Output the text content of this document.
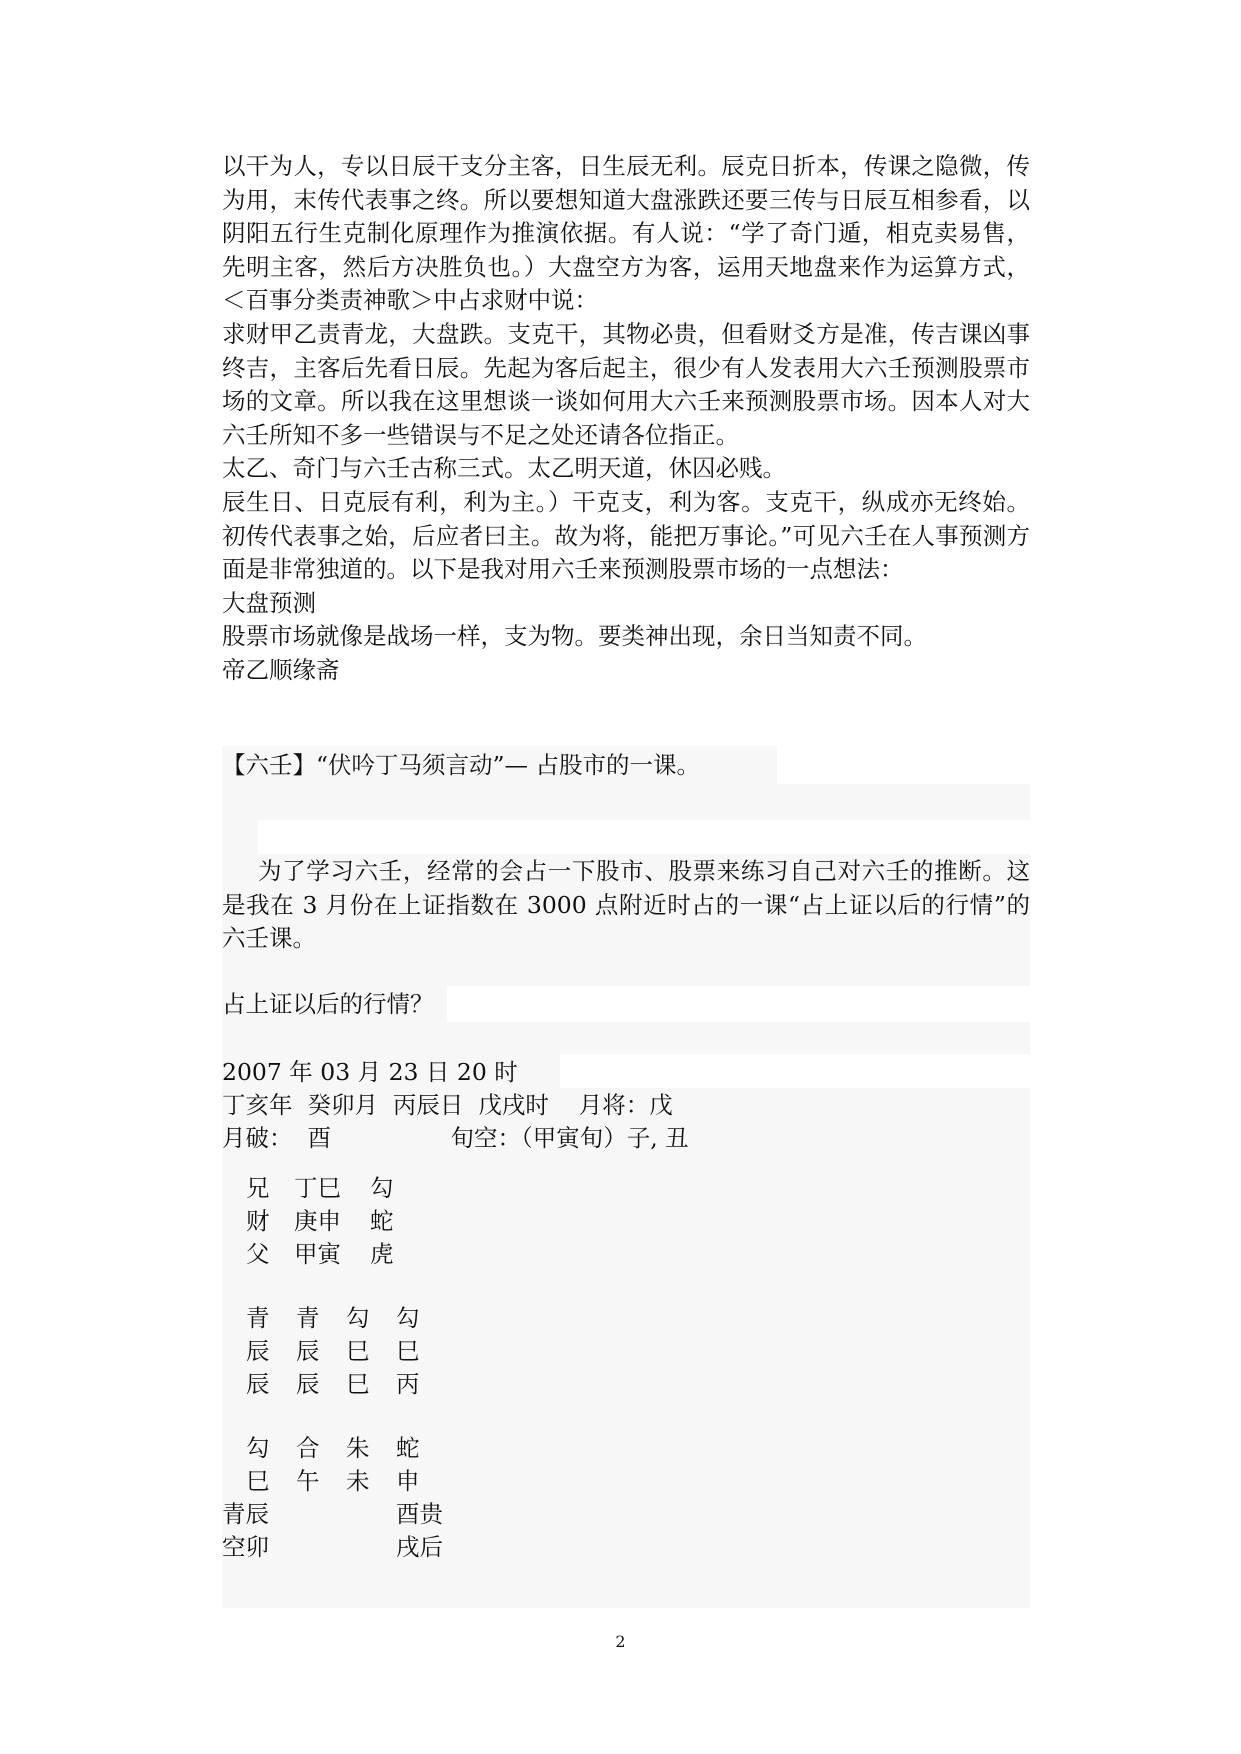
以干为人，专以日辰干支分主客，日生辰无利。辰克日折本，传课之隐微，传为用，末传代表事之终。所以要想知道大盘涨跌还要三传与日辰互相参看，以阴阳五行生克制化原理作为推演依据。有人说：“学了奇门遁，相克卖易售，先明主客，然后方决胜负也。）大盘空方为客，运用天地盘来作为运算方式，＜百事分类责神歌＞中占求财中说：

求财甲乙责青龙，大盘跌。支克干，其物必贵，但看财爻方是准，传吉课凶事终吉，主客后先看日辰。先起为客后起主，很少有人发表用大六壬预测股票市场的文章。所以我在这里想谈一谈如何用大六壬来预测股票市场。因本人对大六壬所知不多一些错误与不足之处还请各位指正。

太乙、奇门与六壬古称三式。太乙明天道，休囚必贱。

辰生日、日克辰有利，利为主。）干克支，利为客。支克干，纵成亦无终始。初传代表事之始，后应者曰主。故为将，能把万事论。”可见六壬在人事预测方面是非常独道的。以下是我对用六壬来预测股票市场的一点想法：

大盘预测

股票市场就像是战场一样，支为物。要类神出现，余日当知责不同。

帝乙顺缘斋

【六壬】“伏吟丁马须言动”— 占股市的一课。

为了学习六壬，经常的会占一下股市、股票来练习自己对六壬的推断。这是我在 3 月份在上证指数在 3000 点附近时占的一课“占上证以后的行情”的六壬课。

占上证以后的行情？
2007 年 03 月 23 日 20 时
丁亥年  癸卯月  丙辰日  戊戌时    月将：戊
月破：  酉                旬空：（甲寅旬）子, 丑
兄 丁巳 勾
财 庚申 蛇
父 甲寅 虎
青 青 勾 勾
辰 辰 巳 巳
辰 辰 巳 丙
勾 合 朱 蛇
巳 午 未 申
青辰	酉贵
空卯	戌后
2
